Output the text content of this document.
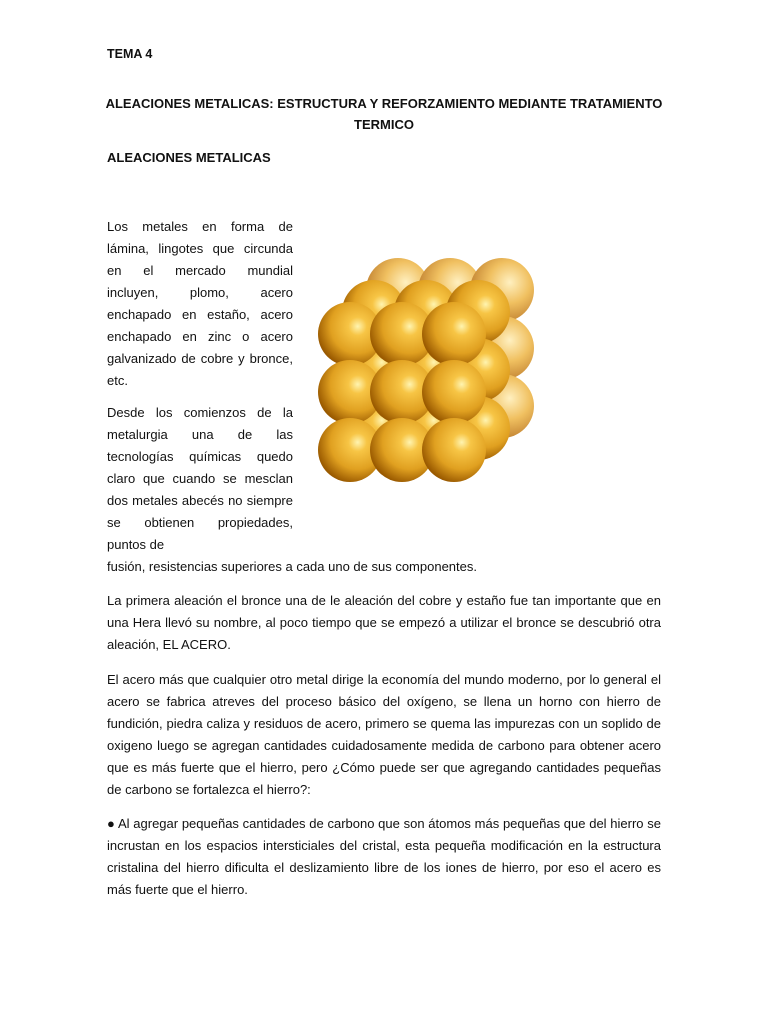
TEMA 4
ALEACIONES METALICAS: ESTRUCTURA Y REFORZAMIENTO MEDIANTE TRATAMIENTO TERMICO
ALEACIONES METALICAS

Los metales en forma de lámina, lingotes que circunda en el mercado mundial incluyen, plomo, acero enchapado en estaño, acero enchapado en zinc o acero galvanizado de cobre y bronce, etc.

Desde los comienzos de la metalurgia una de las tecnologías químicas quedo claro que cuando se mesclan dos metales abecés no siempre se obtienen propiedades, puntos de

fusión, resistencias superiores a cada uno de sus componentes.

La primera aleación el bronce una de le aleación del cobre y estaño fue tan importante que en una Hera llevó su nombre, al poco tiempo que se empezó a utilizar el bronce se descubrió otra aleación, EL ACERO.

El acero más que cualquier otro metal dirige la economía del mundo moderno, por lo general el acero se fabrica atreves del proceso básico del oxígeno, se llena un horno con hierro de fundición, piedra caliza y residuos de acero, primero se quema las impurezas con un soplido de oxigeno luego se agregan cantidades cuidadosamente medida de carbono para obtener acero que es más fuerte que el hierro, pero ¿Cómo puede ser que agregando cantidades pequeñas de carbono se fortalezca el hierro?:

● Al agregar pequeñas cantidades de carbono que son átomos más pequeñas que del hierro se incrustan en los espacios intersticiales del cristal, esta pequeña modificación en la estructura cristalina del hierro dificulta el deslizamiento libre de los iones de hierro, por eso el acero es más fuerte que el hierro.
